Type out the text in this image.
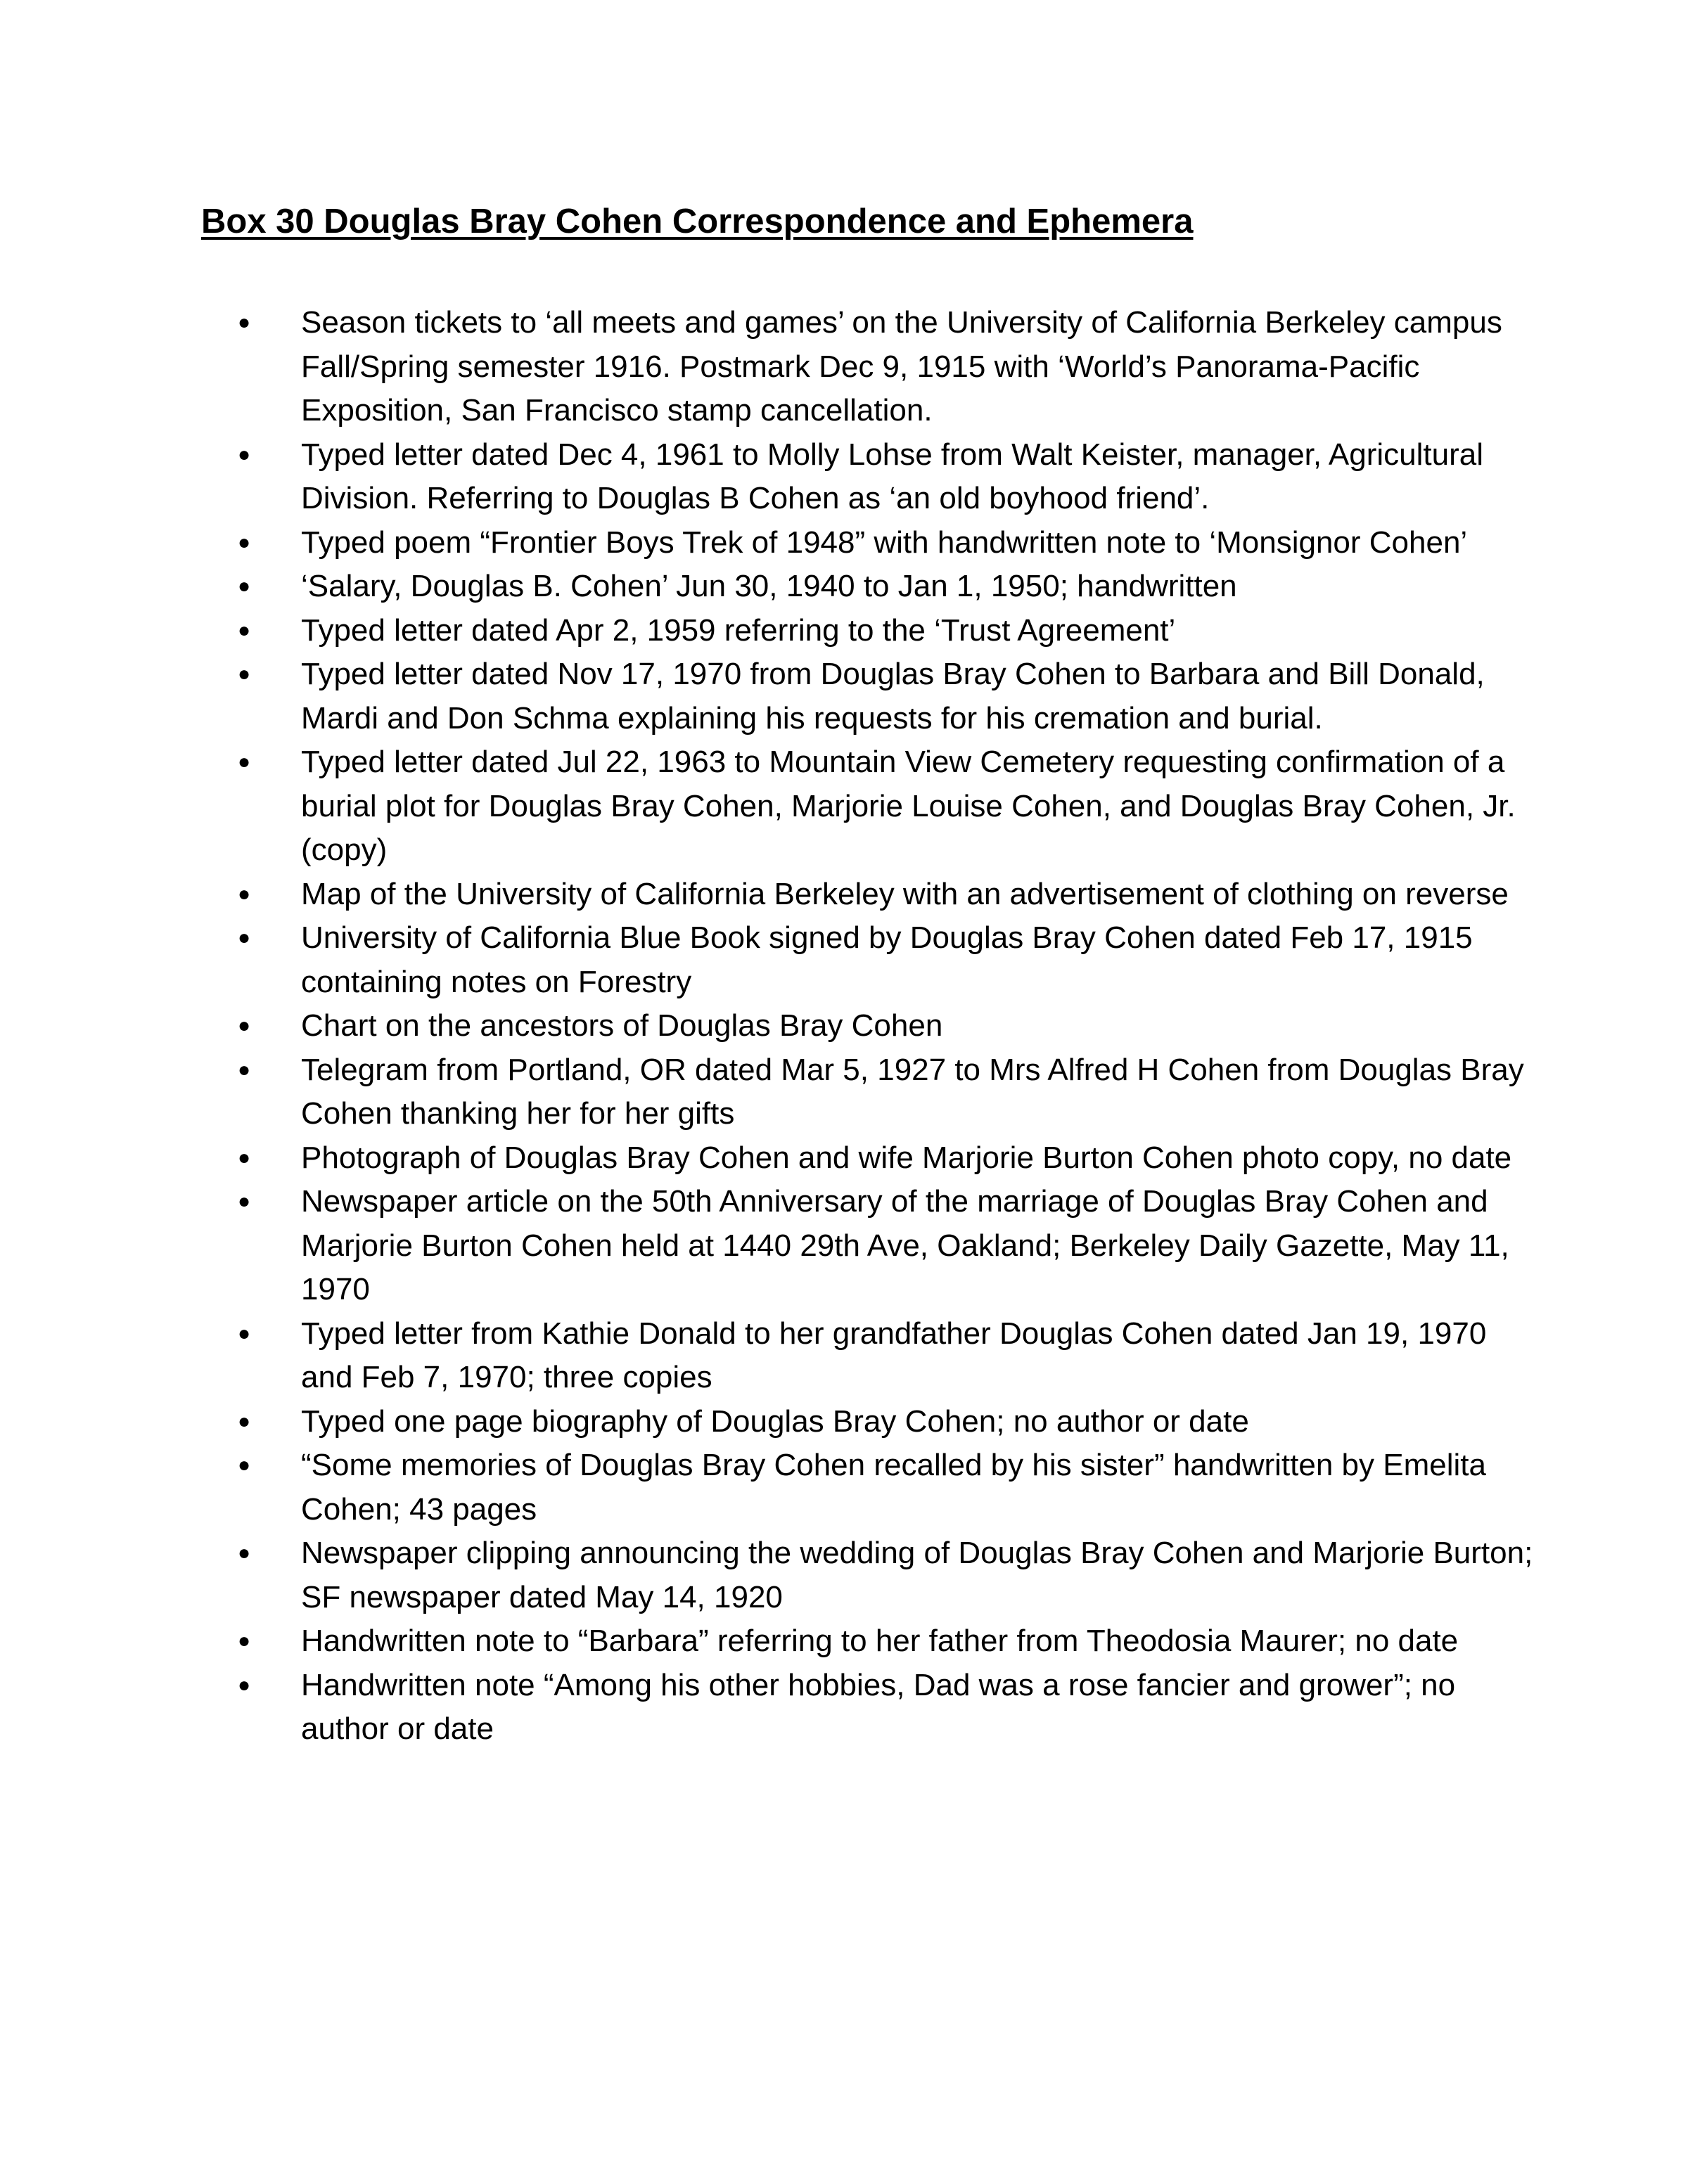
Box 30 Douglas Bray Cohen Correspondence and Ephemera
● Season tickets to ‘all meets and games’ on the University of California Berkeley campus Fall/Spring semester 1916. Postmark Dec 9, 1915 with ‘World’s Panorama-Pacific Exposition, San Francisco stamp cancellation.
● Typed letter dated Dec 4, 1961 to Molly Lohse from Walt Keister, manager, Agricultural Division. Referring to Douglas B Cohen as ‘an old boyhood friend’.
● Typed poem “Frontier Boys Trek of 1948” with handwritten note to ‘Monsignor Cohen’
● ‘Salary, Douglas B. Cohen’ Jun 30, 1940 to Jan 1, 1950; handwritten
● Typed letter dated Apr 2, 1959 referring to the ‘Trust Agreement’
● Typed letter dated Nov 17, 1970 from Douglas Bray Cohen to Barbara and Bill Donald, Mardi and Don Schma explaining his requests for his cremation and burial.
● Typed letter dated Jul 22, 1963 to Mountain View Cemetery requesting confirmation of a burial plot for Douglas Bray Cohen, Marjorie Louise Cohen, and Douglas Bray Cohen, Jr. (copy)
● Map of the University of California Berkeley with an advertisement of clothing on reverse
● University of California Blue Book signed by Douglas Bray Cohen dated Feb 17, 1915 containing notes on Forestry
● Chart on the ancestors of Douglas Bray Cohen
● Telegram from Portland, OR dated Mar 5, 1927 to Mrs Alfred H Cohen from Douglas Bray Cohen thanking her for her gifts
● Photograph of Douglas Bray Cohen and wife Marjorie Burton Cohen photo copy, no date
● Newspaper article on the 50th Anniversary of the marriage of Douglas Bray Cohen and Marjorie Burton Cohen held at 1440 29th Ave, Oakland; Berkeley Daily Gazette, May 11, 1970
● Typed letter from Kathie Donald to her grandfather Douglas Cohen dated Jan 19, 1970 and Feb 7, 1970; three copies
● Typed one page biography of Douglas Bray Cohen; no author or date
● “Some memories of Douglas Bray Cohen recalled by his sister” handwritten by Emelita Cohen; 43 pages
● Newspaper clipping announcing the wedding of Douglas Bray Cohen and Marjorie Burton; SF newspaper dated May 14, 1920
● Handwritten note to “Barbara” referring to her father from Theodosia Maurer; no date
● Handwritten note “Among his other hobbies, Dad was a rose fancier and grower”; no author or date
